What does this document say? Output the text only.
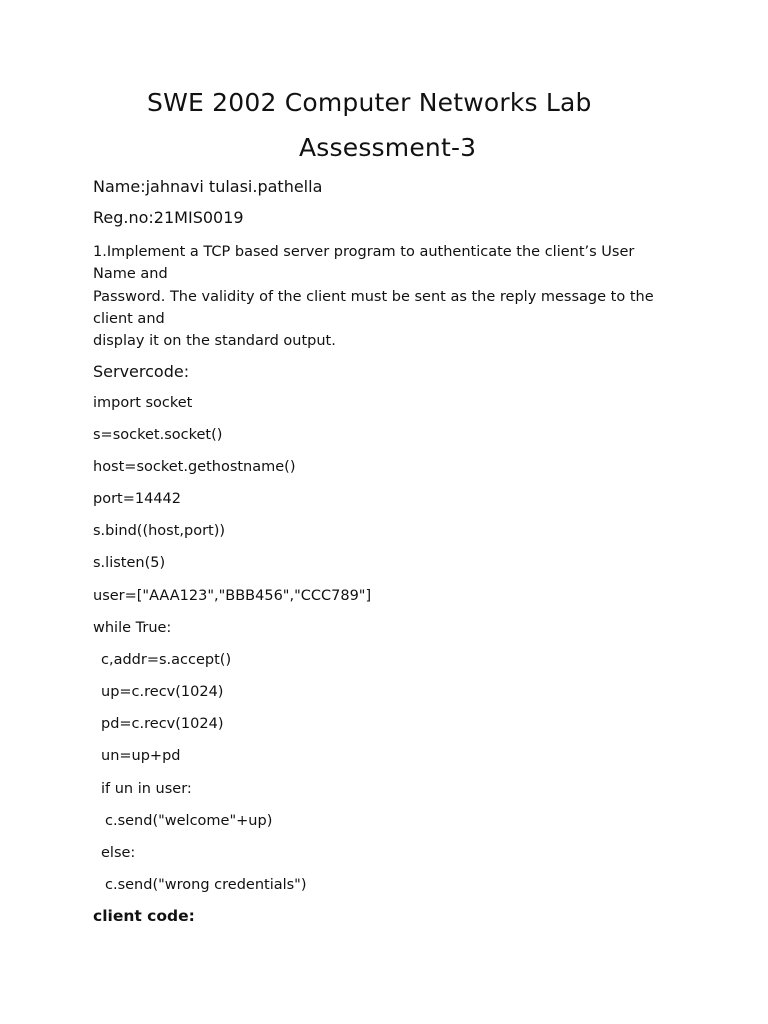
SWE 2002 Computer Networks Lab
Assessment-3

Name:jahnavi tulasi.pathella

Reg.no:21MIS0019

1.Implement a TCP based server program to authenticate the client’s User
Name and
Password. The validity of the client must be sent as the reply message to the
client and
display it on the standard output.

Servercode:

import socket

s=socket.socket()

host=socket.gethostname()

port=14442

s.bind((host,port))

s.listen(5)

user=["AAA123","BBB456","CCC789"]

while True:

c,addr=s.accept()

up=c.recv(1024)

pd=c.recv(1024)

un=up+pd

if un in user:

c.send("welcome"+up)

else:

c.send("wrong credentials")

client code:
